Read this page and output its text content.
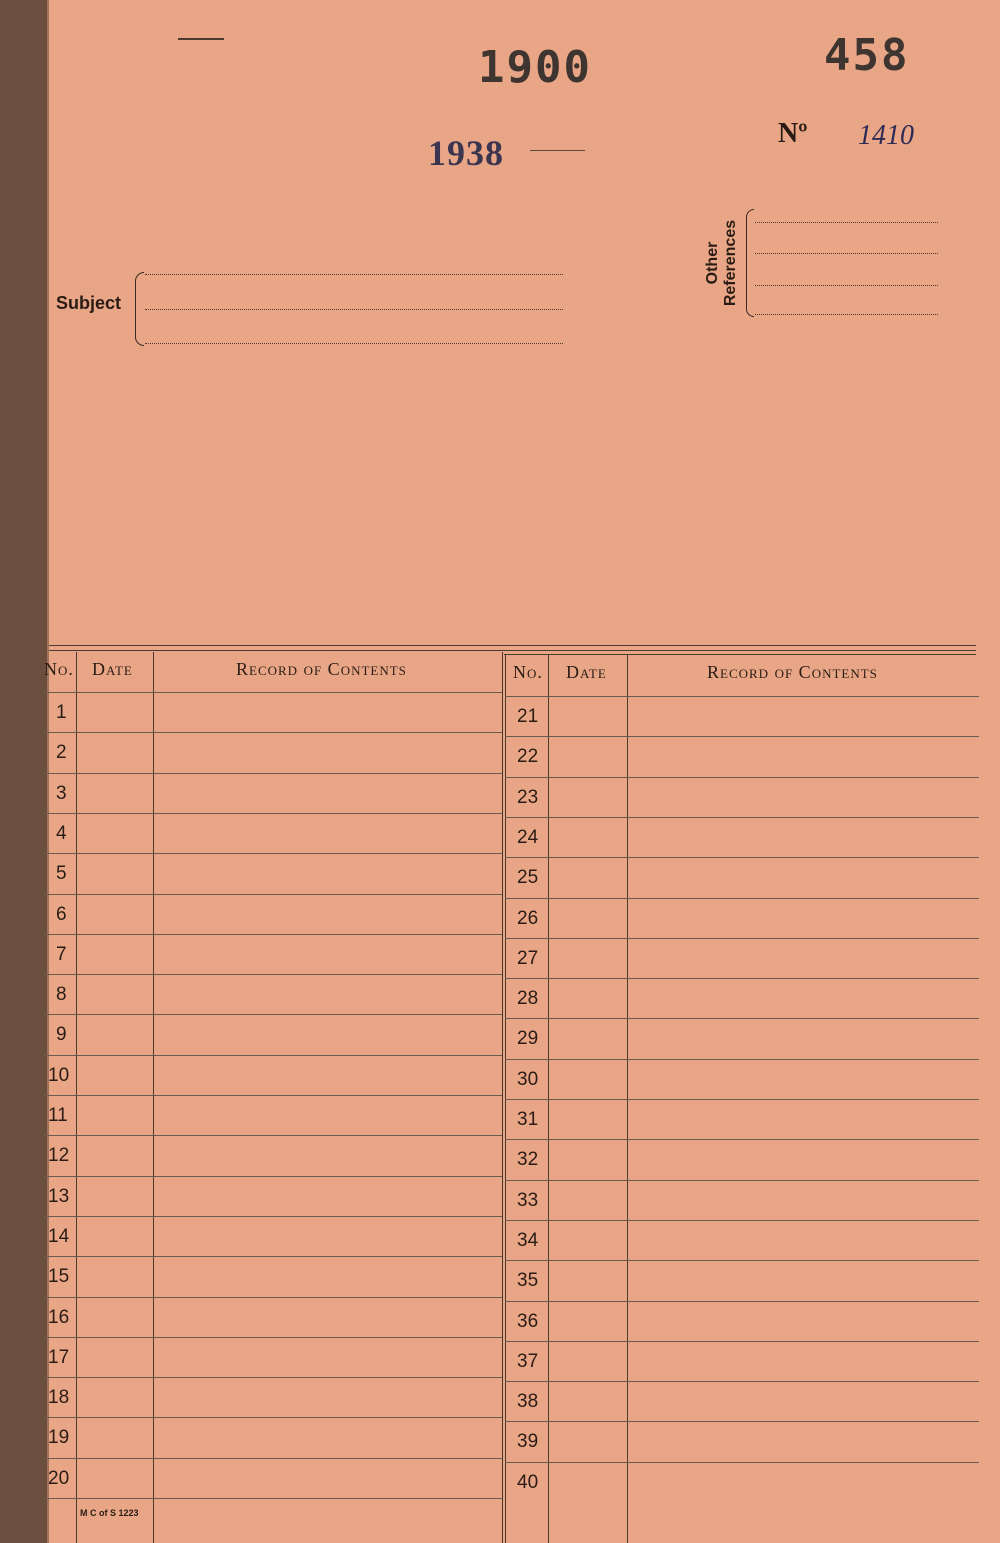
1900	458
1938	Nº 1410
Subject
Other References
No. Date	Record of Contents	No. Date	Record of Contents
1	21
2	22
3	23
4	24
5	25
6	26
7	27
8	28
9	29
10	30
11	31
12	32
13	33
14	34
15	35
16	36
17	37
18	38
19	39
20	40
M C of S 1223
